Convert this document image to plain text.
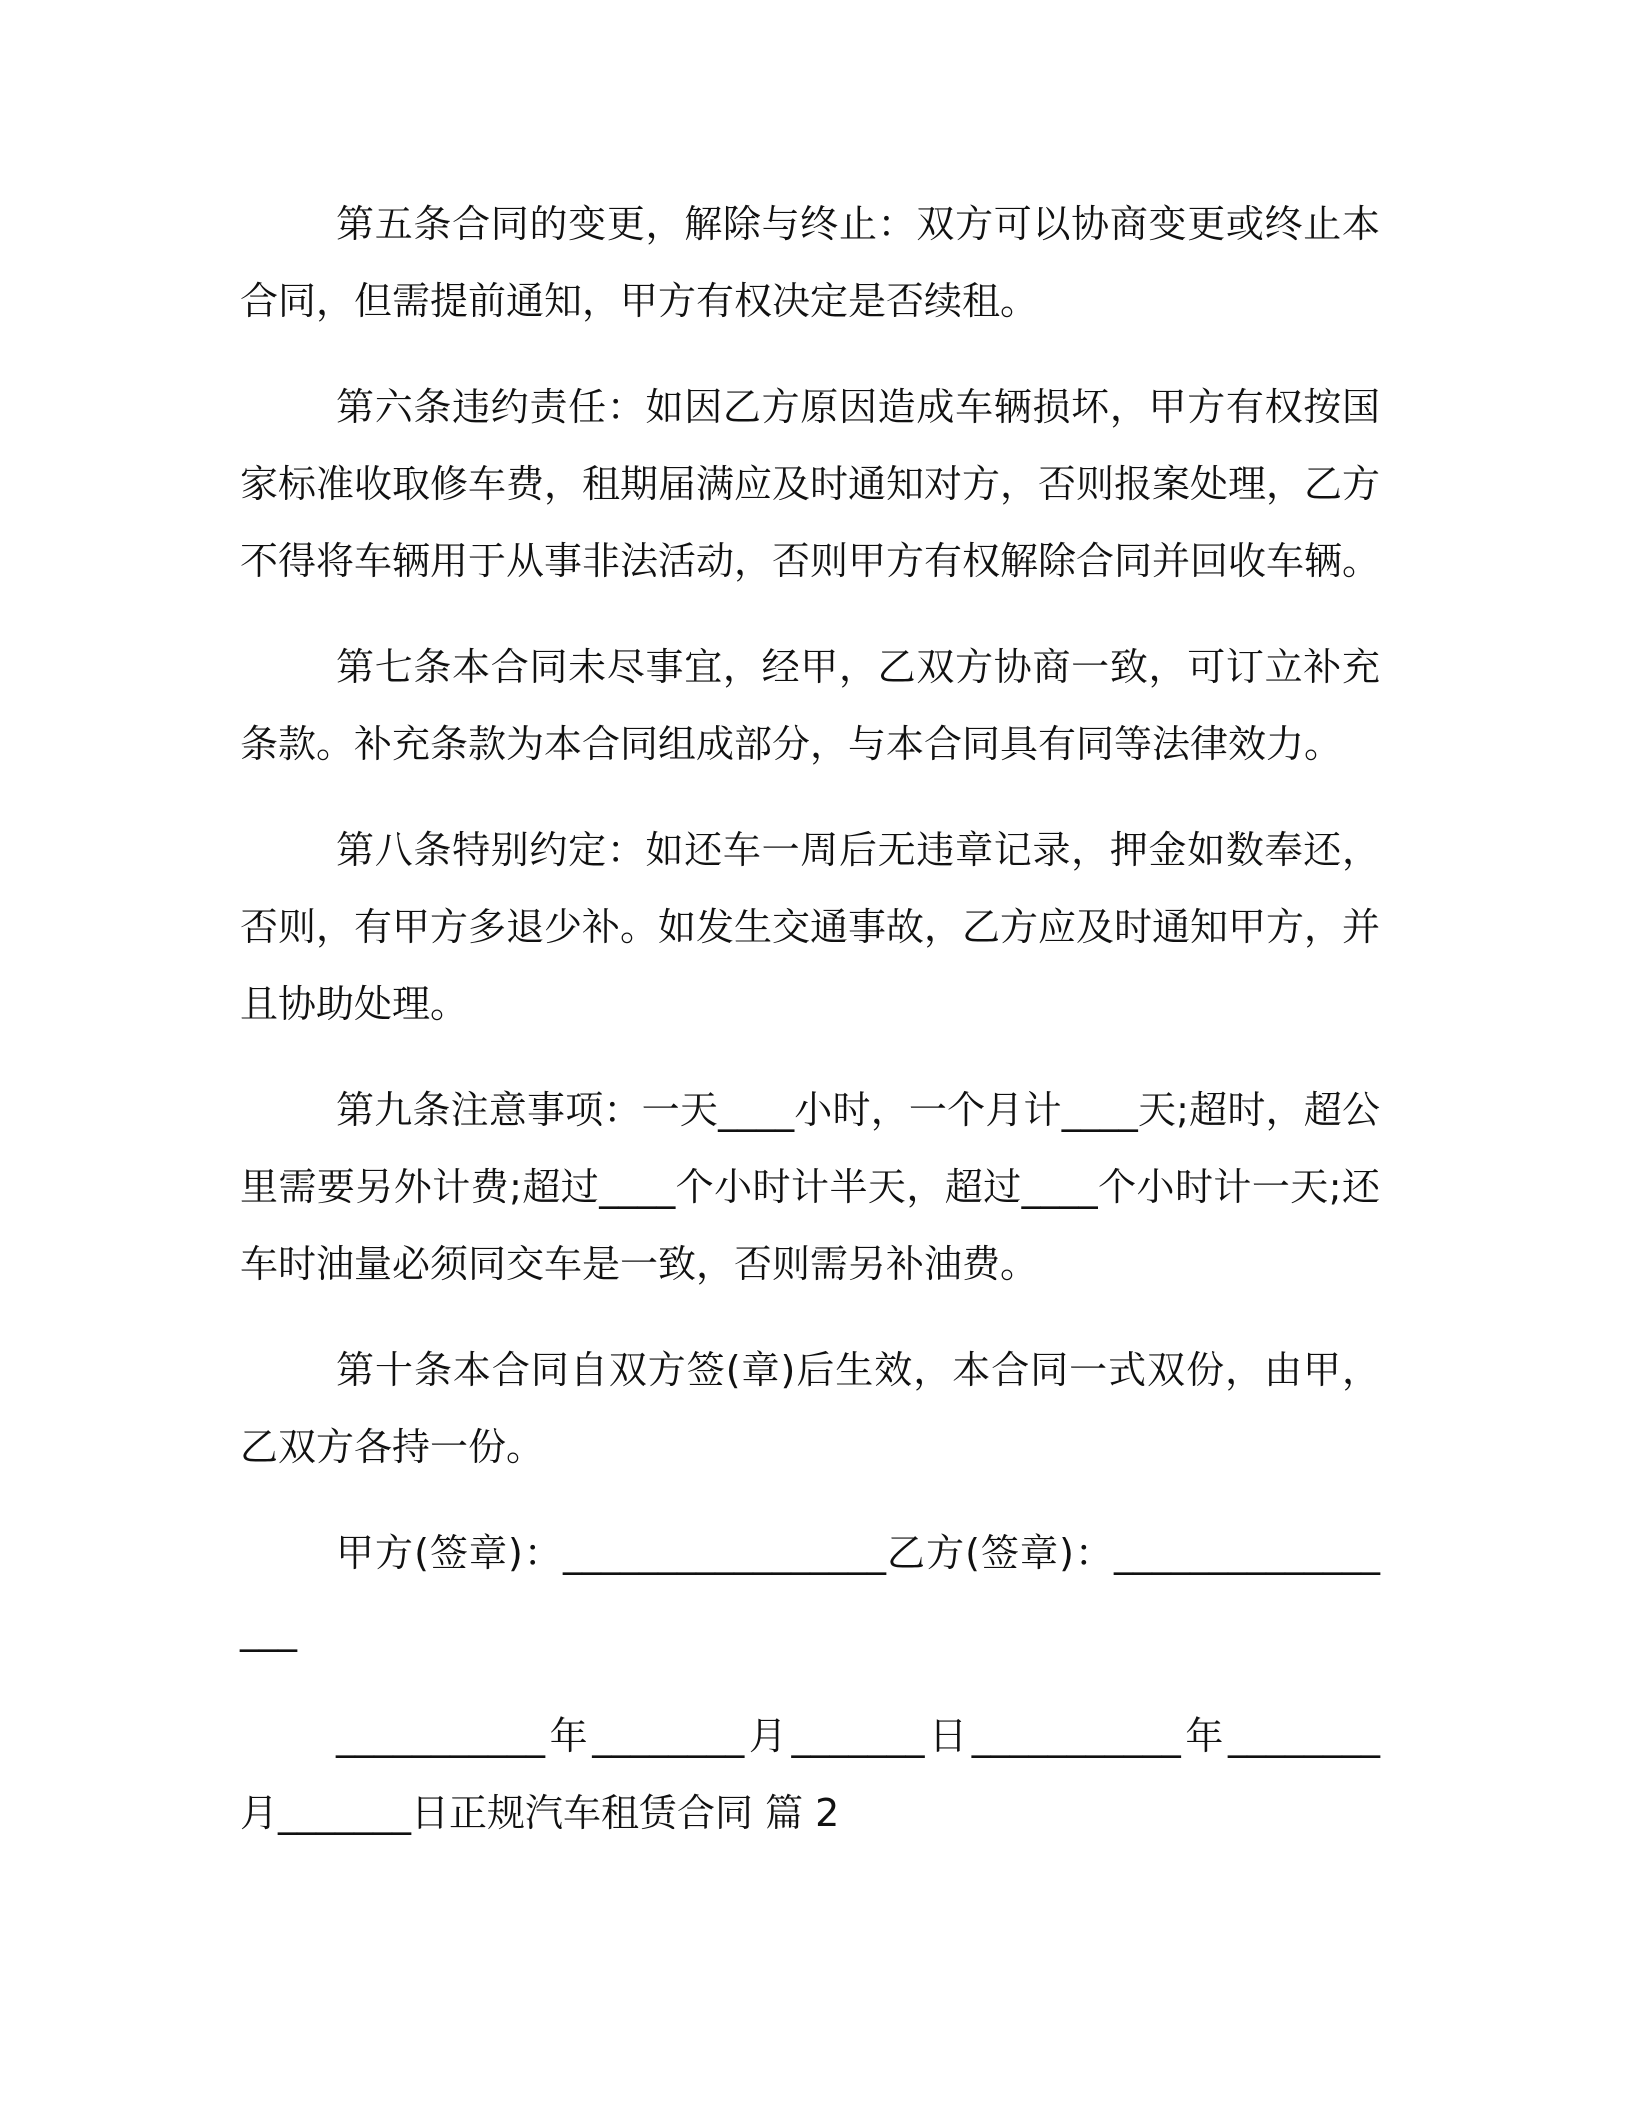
第五条合同的变更，解除与终止：双方可以协商变更或终止本合同，但需提前通知，甲方有权决定是否续租。

第六条违约责任：如因乙方原因造成车辆损坏，甲方有权按国家标准收取修车费，租期届满应及时通知对方，否则报案处理，乙方不得将车辆用于从事非法活动，否则甲方有权解除合同并回收车辆。

第七条本合同未尽事宜，经甲，乙双方协商一致，可订立补充条款。补充条款为本合同组成部分，与本合同具有同等法律效力。

第八条特别约定：如还车一周后无违章记录，押金如数奉还，否则，有甲方多退少补。如发生交通事故，乙方应及时通知甲方，并且协助处理。

第九条注意事项：一天____小时，一个月计____天;超时，超公里需要另外计费;超过____个小时计半天，超过____个小时计一天;还车时油量必须同交车是一致，否则需另补油费。

第十条本合同自双方签(章)后生效，本合同一式双份，由甲，乙双方各持一份。

甲方(签章)：_________________乙方(签章)：_________________

___________年________月_______日___________年________月_______日正规汽车租赁合同 篇 2
